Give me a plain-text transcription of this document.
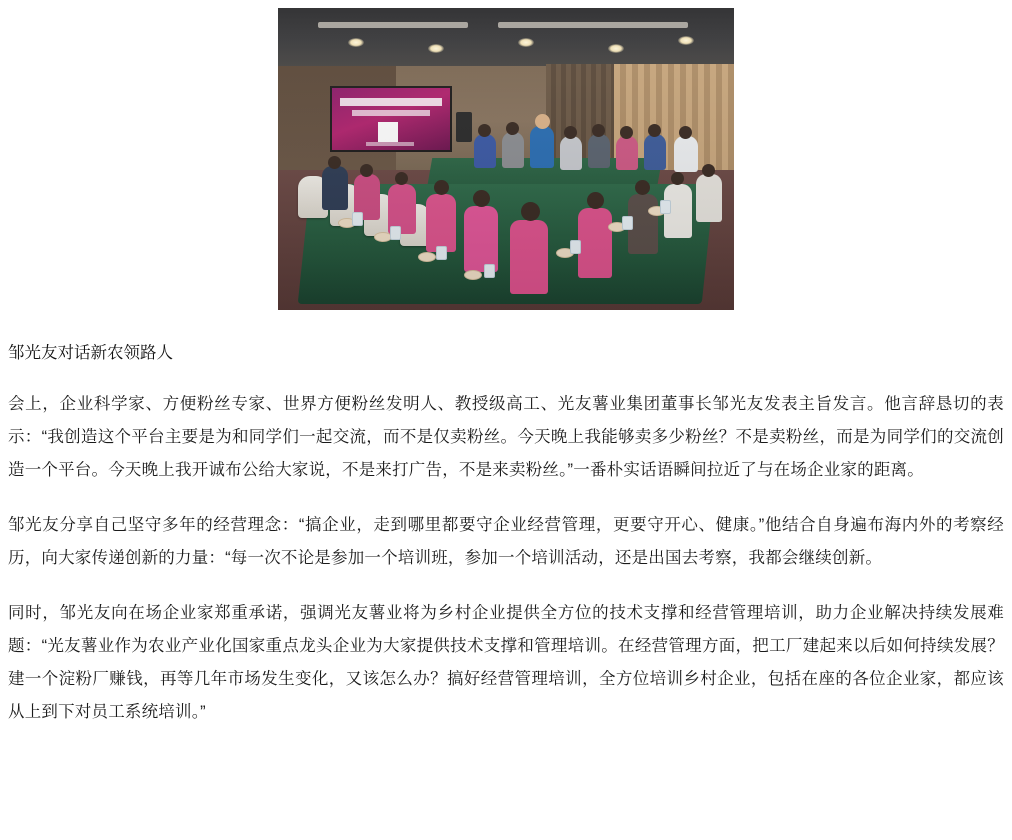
邹光友对话新农领路人

会上，企业科学家、方便粉丝专家、世界方便粉丝发明人、教授级高工、光友薯业集团董事长邹光友发表主旨发言。他言辞恳切的表示：“我创造这个平台主要是为和同学们一起交流，而不是仅卖粉丝。今天晚上我能够卖多少粉丝？不是卖粉丝，而是为同学们的交流创造一个平台。今天晚上我开诚布公给大家说，不是来打广告，不是来卖粉丝。”一番朴实话语瞬间拉近了与在场企业家的距离。

邹光友分享自己坚守多年的经营理念：“搞企业，走到哪里都要守企业经营管理，更要守开心、健康。”他结合自身遍布海内外的考察经历，向大家传递创新的力量：“每一次不论是参加一个培训班，参加一个培训活动，还是出国去考察，我都会继续创新。

同时，邹光友向在场企业家郑重承诺，强调光友薯业将为乡村企业提供全方位的技术支撑和经营管理培训，助力企业解决持续发展难题：“光友薯业作为农业产业化国家重点龙头企业为大家提供技术支撑和管理培训。在经营管理方面，把工厂建起来以后如何持续发展？建一个淀粉厂赚钱，再等几年市场发生变化，又该怎么办？搞好经营管理培训，全方位培训乡村企业，包括在座的各位企业家，都应该从上到下对员工系统培训。”
